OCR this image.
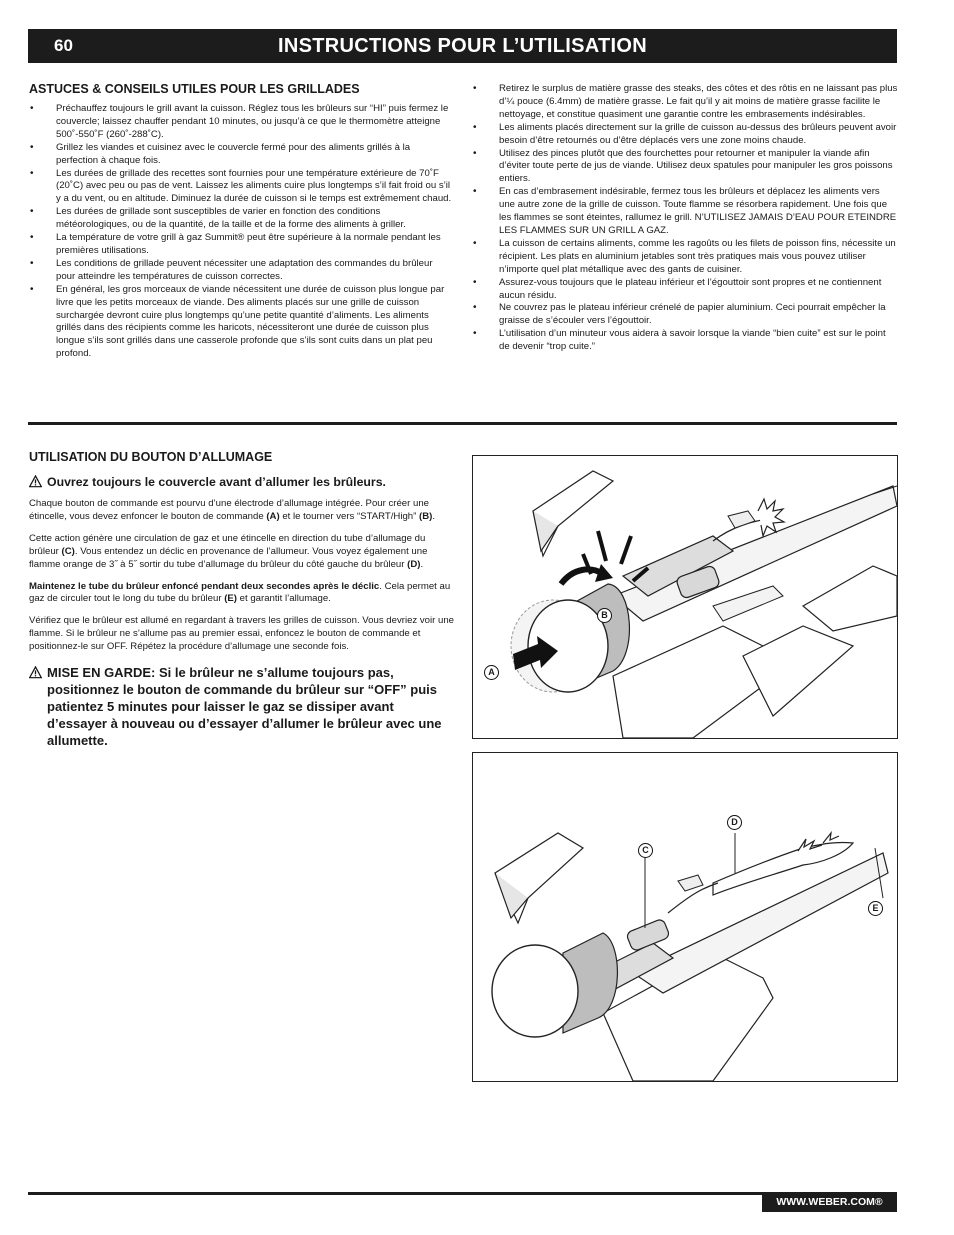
60	INSTRUCTIONS POUR L’UTILISATION
ASTUCES & CONSEILS UTILES POUR LES GRILLADES
• Préchauffez toujours le grill avant la cuisson. Réglez tous les brûleurs sur “HI” puis fermez le couvercle; laissez chauffer pendant 10 minutes, ou jusqu’à ce que le thermomètre atteigne 500˚-550˚F (260˚-288˚C).
• Grillez les viandes et cuisinez avec le couvercle fermé pour des aliments grillés à la perfection à chaque fois.
• Les durées de grillade des recettes sont fournies pour une température extérieure de 70˚F (20˚C) avec peu ou pas de vent. Laissez les aliments cuire plus longtemps s’il fait froid ou s’il y a du vent, ou en altitude. Diminuez la durée de cuisson si le temps est extrêmement chaud.
• Les durées de grillade sont susceptibles de varier en fonction des conditions météorologiques, ou de la quantité, de la taille et de la forme des aliments à griller.
• La température de votre grill à gaz Summit® peut être supérieure à la normale pendant les premières utilisations.
• Les conditions de grillade peuvent nécessiter une adaptation des commandes du brûleur pour atteindre les températures de cuisson correctes.
• En général, les gros morceaux de viande nécessitent une durée de cuisson plus longue par livre que les petits morceaux de viande. Des aliments placés sur une grille de cuisson surchargée devront cuire plus longtemps qu’une petite quantité d’aliments. Les aliments grillés dans des récipients comme les haricots, nécessiteront une durée de cuisson plus longue s’ils sont grillés dans une casserole profonde que s’ils sont cuits dans un plat peu profond.
• Retirez le surplus de matière grasse des steaks, des côtes et des rôtis en ne laissant pas plus d’¼ pouce (6.4mm) de matière grasse. Le fait qu’il y ait moins de matière grasse facilite le nettoyage, et constitue quasiment une garantie contre les embrasements indésirables.
• Les aliments placés directement sur la grille de cuisson au-dessus des brûleurs peuvent avoir besoin d’être retournés ou d’être déplacés vers une zone moins chaude.
• Utilisez des pinces plutôt que des fourchettes pour retourner et manipuler la viande afin d’éviter toute perte de jus de viande. Utilisez deux spatules pour manipuler les gros poissons entiers.
• En cas d’embrasement indésirable, fermez tous les brûleurs et déplacez les aliments vers une autre zone de la grille de cuisson. Toute flamme se résorbera rapidement. Une fois que les flammes se sont éteintes, rallumez le grill. N’UTILISEZ JAMAIS D’EAU POUR ETEINDRE LES FLAMMES SUR UN GRILL A GAZ.
• La cuisson de certains aliments, comme les ragoûts ou les filets de poisson fins, nécessite un récipient. Les plats en aluminium jetables sont très pratiques mais vous pouvez utiliser n’importe quel plat métallique avec des gants de cuisiner.
• Assurez-vous toujours que le plateau inférieur et l’égouttoir sont propres et ne contiennent aucun résidu.
• Ne couvrez pas le plateau inférieur crénelé de papier aluminium. Ceci pourrait empêcher la graisse de s’écouler vers l’égouttoir.
• L’utilisation d’un minuteur vous aidera à savoir lorsque la viande “bien cuite” est sur le point de devenir “trop cuite.”
UTILISATION DU BOUTON D’ALLUMAGE
Ouvrez toujours le couvercle avant d’allumer les brûleurs.

Chaque bouton de commande est pourvu d’une électrode d’allumage intégrée. Pour créer une étincelle, vous devez enfoncer le bouton de commande (A) et le tourner vers “START/High” (B).

Cette action génère une circulation de gaz et une étincelle en direction du tube d’allumage du brûleur (C). Vous entendez un déclic en provenance de l’allumeur. Vous voyez également une flamme orange de 3˝ à 5˝ sortir du tube d’allumage du brûleur du côté gauche du brûleur (D).

Maintenez le tube du brûleur enfoncé pendant deux secondes après le déclic. Cela permet au gaz de circuler tout le long du tube du brûleur (E) et garantit l’allumage.

Vérifiez que le brûleur est allumé en regardant à travers les grilles de cuisson. Vous devriez voir une flamme. Si le brûleur ne s’allume pas au premier essai, enfoncez le bouton de commande et positionnez-le sur OFF. Répétez la procédure d’allumage une seconde fois.

MISE EN GARDE: Si le brûleur ne s’allume toujours pas, positionnez le bouton de commande du brûleur sur “OFF” puis patientez 5 minutes pour laisser le gaz se dissiper avant d’essayer à nouveau ou d’essayer d’allumer le brûleur avec une allumette.
B
A
C
D
E
WWW.WEBER.COM®
